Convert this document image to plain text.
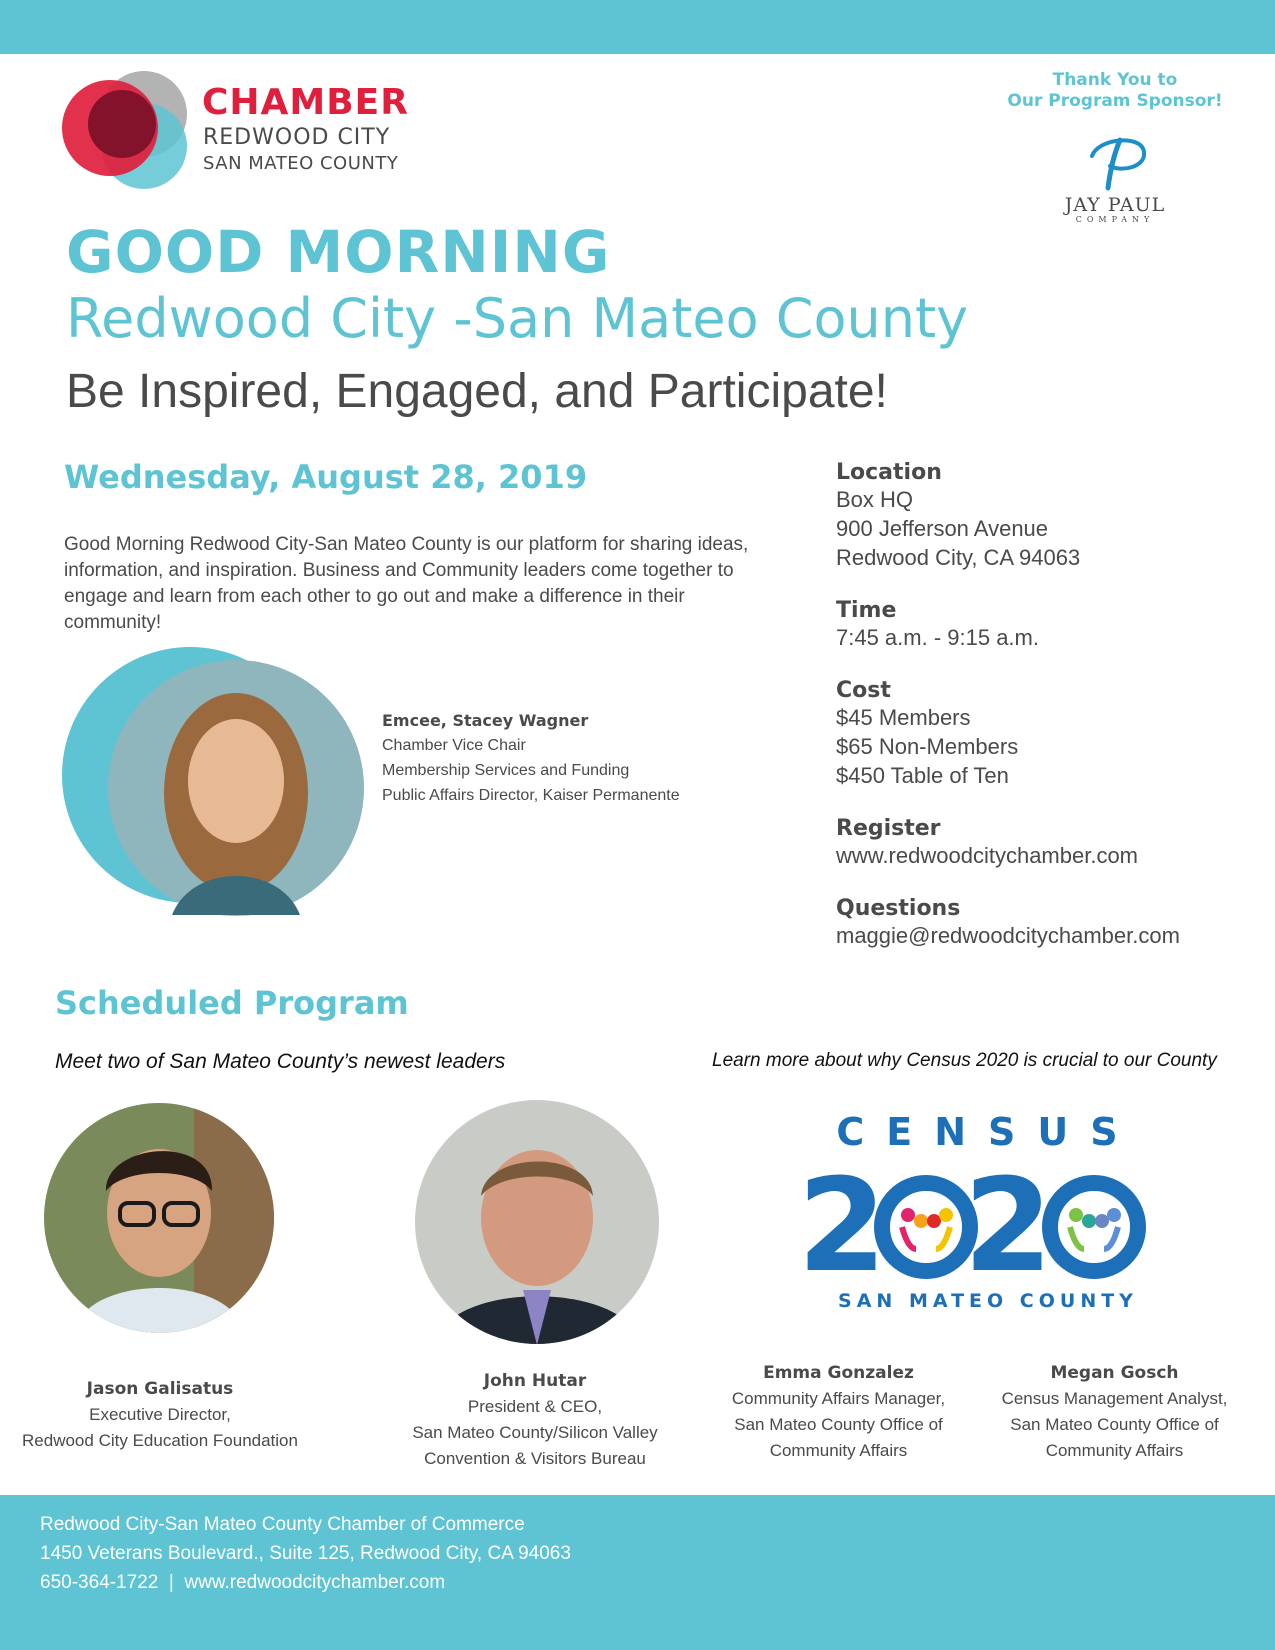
CHAMBER
REDWOOD CITY
SAN MATEO COUNTY
Thank You to
Our Program Sponsor!
JAY PAUL
COMPANY
GOOD MORNING
Redwood City -San Mateo County
Be Inspired, Engaged, and Participate!
Wednesday, August 28, 2019
Good Morning Redwood City-San Mateo County is our platform for sharing ideas, information, and inspiration. Business and Community leaders come together to engage and learn from each other to go out and make a difference in their community!
Location
Box HQ
900 Jefferson Avenue
Redwood City, CA 94063
Time
7:45 a.m. - 9:15 a.m.
Cost
$45 Members
$65 Non-Members
$450 Table of Ten
Register
www.redwoodcitychamber.com
Questions
maggie@redwoodcitychamber.com
Emcee, Stacey Wagner
Chamber Vice Chair
Membership Services and Funding
Public Affairs Director, Kaiser Permanente
Scheduled Program
Meet two of San Mateo County’s newest leaders	Learn more about why Census 2020 is crucial to our County
CENSUS
2 2
SAN MATEO COUNTY
Jason Galisatus
Executive Director,
Redwood City Education Foundation
John Hutar
President & CEO,
San Mateo County/Silicon Valley
Convention & Visitors Bureau
Emma Gonzalez
Community Affairs Manager,
San Mateo County Office of
Community Affairs
Megan Gosch
Census Management Analyst,
San Mateo County Office of
Community Affairs
Redwood City-San Mateo County Chamber of Commerce
1450 Veterans Boulevard., Suite 125, Redwood City, CA 94063
650-364-1722  |  www.redwoodcitychamber.com
